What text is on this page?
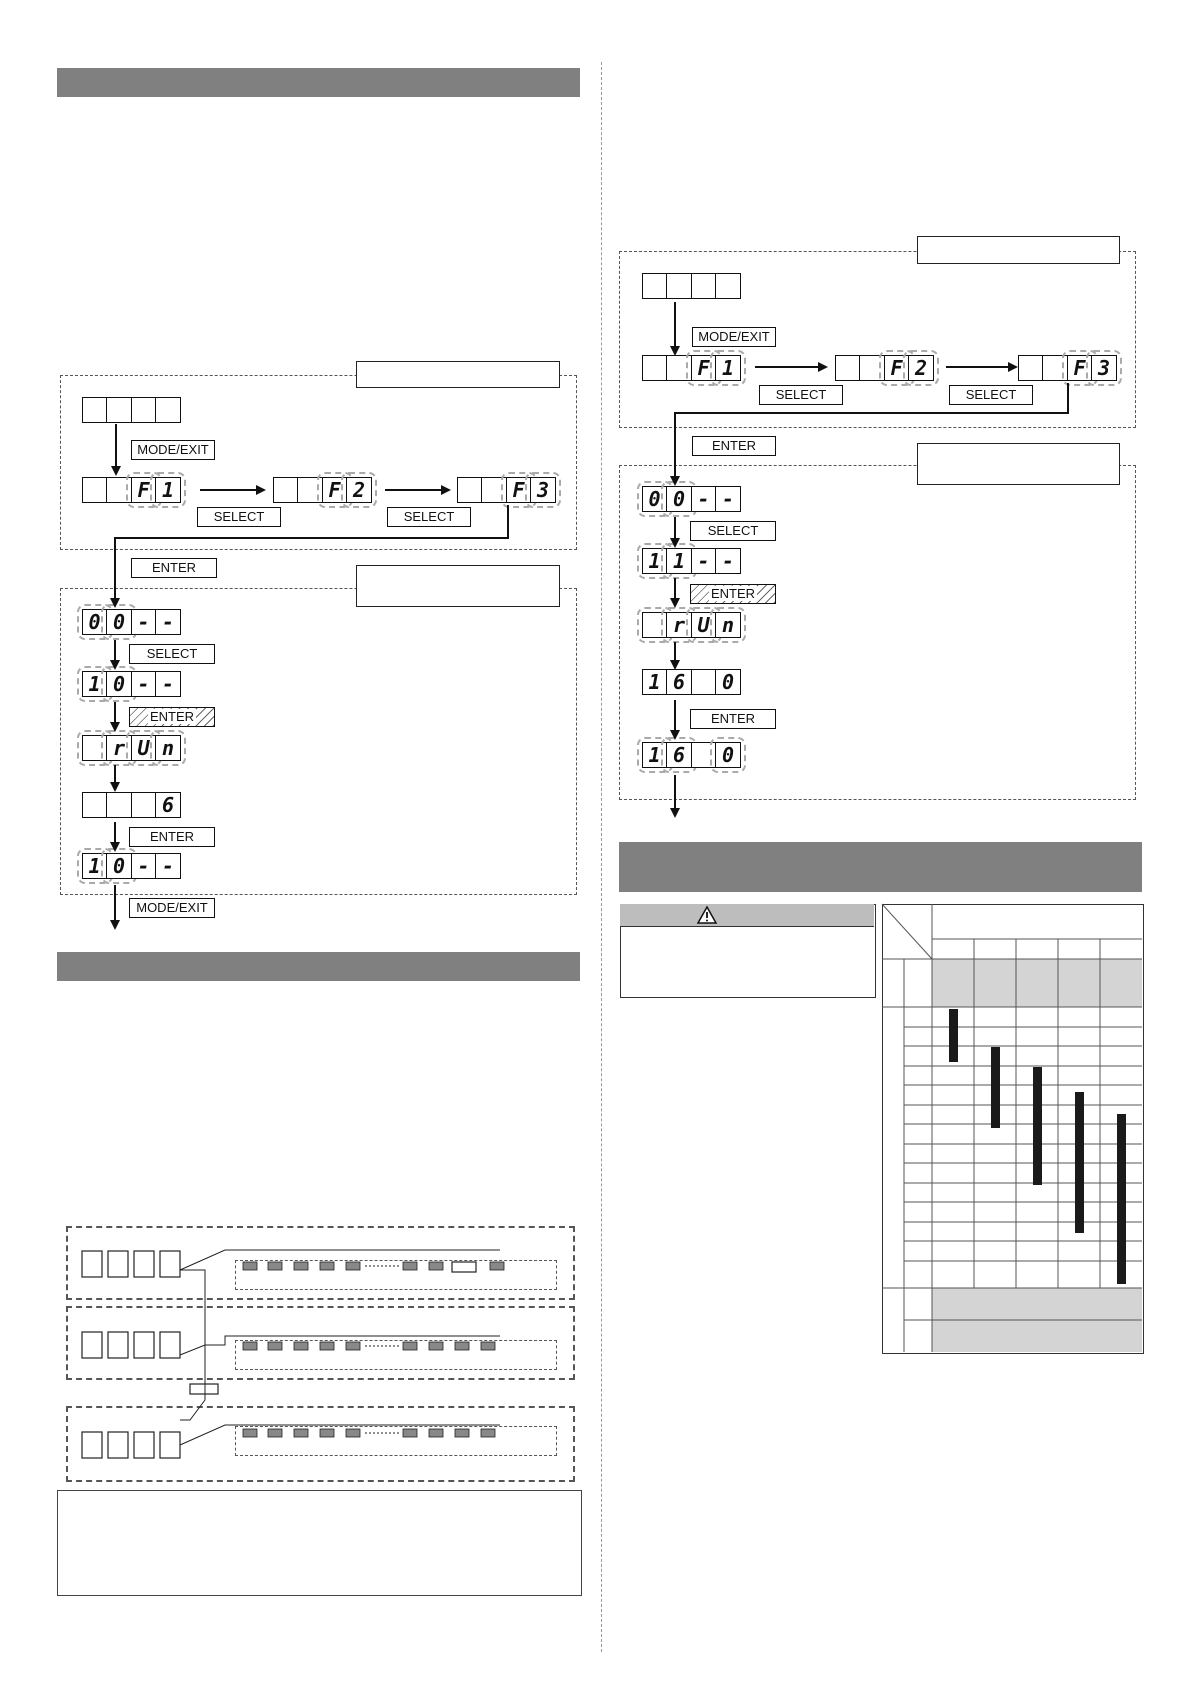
MODE/EXIT
F 1	F 2	F 3
SELECT	SELECT
ENTER
0 0 - -
SELECT
1 0 - -
ENTER
r U n
6
ENTER
1 0 - -
MODE/EXIT
MODE/EXIT
F 1	F 2	F 3
SELECT	SELECT
ENTER
0 0 - -
SELECT
1 1 - -
ENTER
r U n
1 6	0
ENTER
1 6	0
